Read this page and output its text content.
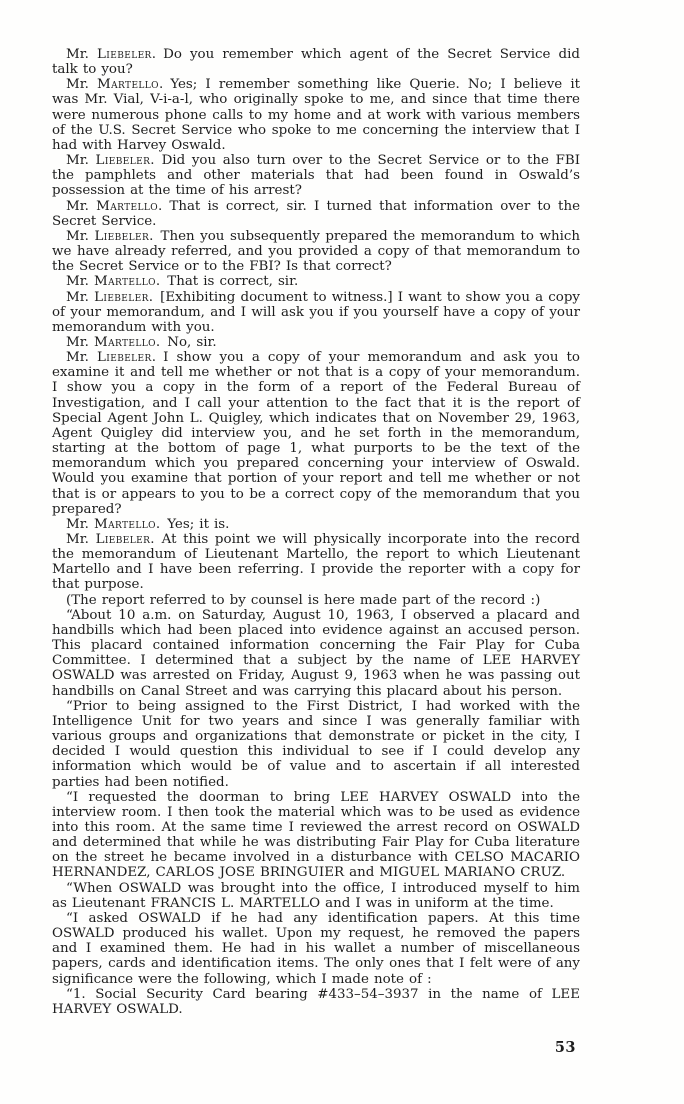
Mr. Liebeler. Do you remember which agent of the Secret Service did talk to you?

Mr. Martello. Yes; I remember something like Querie. No; I believe it was Mr. Vial, V-i-a-l, who originally spoke to me, and since that time there were numerous phone calls to my home and at work with various members of the U.S. Secret Service who spoke to me concerning the interview that I had with Harvey Oswald.

Mr. Liebeler. Did you also turn over to the Secret Service or to the FBI the pamphlets and other materials that had been found in Oswald’s possession at the time of his arrest?

Mr. Martello. That is correct, sir. I turned that information over to the Secret Service.

Mr. Liebeler. Then you subsequently prepared the memorandum to which we have already referred, and you provided a copy of that memorandum to the Secret Service or to the FBI? Is that correct?

Mr. Martello. That is correct, sir.

Mr. Liebeler. [Exhibiting document to witness.] I want to show you a copy of your memorandum, and I will ask you if you yourself have a copy of your memorandum with you.

Mr. Martello. No, sir.

Mr. Liebeler. I show you a copy of your memorandum and ask you to examine it and tell me whether or not that is a copy of your memorandum. I show you a copy in the form of a report of the Federal Bureau of Investigation, and I call your attention to the fact that it is the report of Special Agent John L. Quigley, which indicates that on November 29, 1963, Agent Quigley did interview you, and he set forth in the memorandum, starting at the bottom of page 1, what purports to be the text of the memorandum which you prepared concerning your interview of Oswald. Would you examine that portion of your report and tell me whether or not that is or appears to you to be a correct copy of the memorandum that you prepared?

Mr. Martello. Yes; it is.

Mr. Liebeler. At this point we will physically incorporate into the record the memorandum of Lieutenant Martello, the report to which Lieutenant Martello and I have been referring. I provide the reporter with a copy for that purpose.

(The report referred to by counsel is here made part of the record :)

“About 10 a.m. on Saturday, August 10, 1963, I observed a placard and handbills which had been placed into evidence against an accused person. This placard contained information concerning the Fair Play for Cuba Committee. I determined that a subject by the name of LEE HARVEY OSWALD was arrested on Friday, August 9, 1963 when he was passing out handbills on Canal Street and was carrying this placard about his person.

“Prior to being assigned to the First District, I had worked with the Intelligence Unit for two years and since I was generally familiar with various groups and organizations that demonstrate or picket in the city, I decided I would question this individual to see if I could develop any information which would be of value and to ascertain if all interested parties had been notified.

“I requested the doorman to bring LEE HARVEY OSWALD into the interview room. I then took the material which was to be used as evidence into this room. At the same time I reviewed the arrest record on OSWALD and determined that while he was distributing Fair Play for Cuba literature on the street he became involved in a disturbance with CELSO MACARIO HERNANDEZ, CARLOS JOSE BRINGUIER and MIGUEL MARIANO CRUZ.

“When OSWALD was brought into the office, I introduced myself to him as Lieutenant FRANCIS L. MARTELLO and I was in uniform at the time.

“I asked OSWALD if he had any identification papers. At this time OSWALD produced his wallet. Upon my request, he removed the papers and I examined them. He had in his wallet a number of miscellaneous papers, cards and identification items. The only ones that I felt were of any significance were the following, which I made note of :

“1. Social Security Card bearing #433–54–3937 in the name of LEE HARVEY OSWALD.

53
